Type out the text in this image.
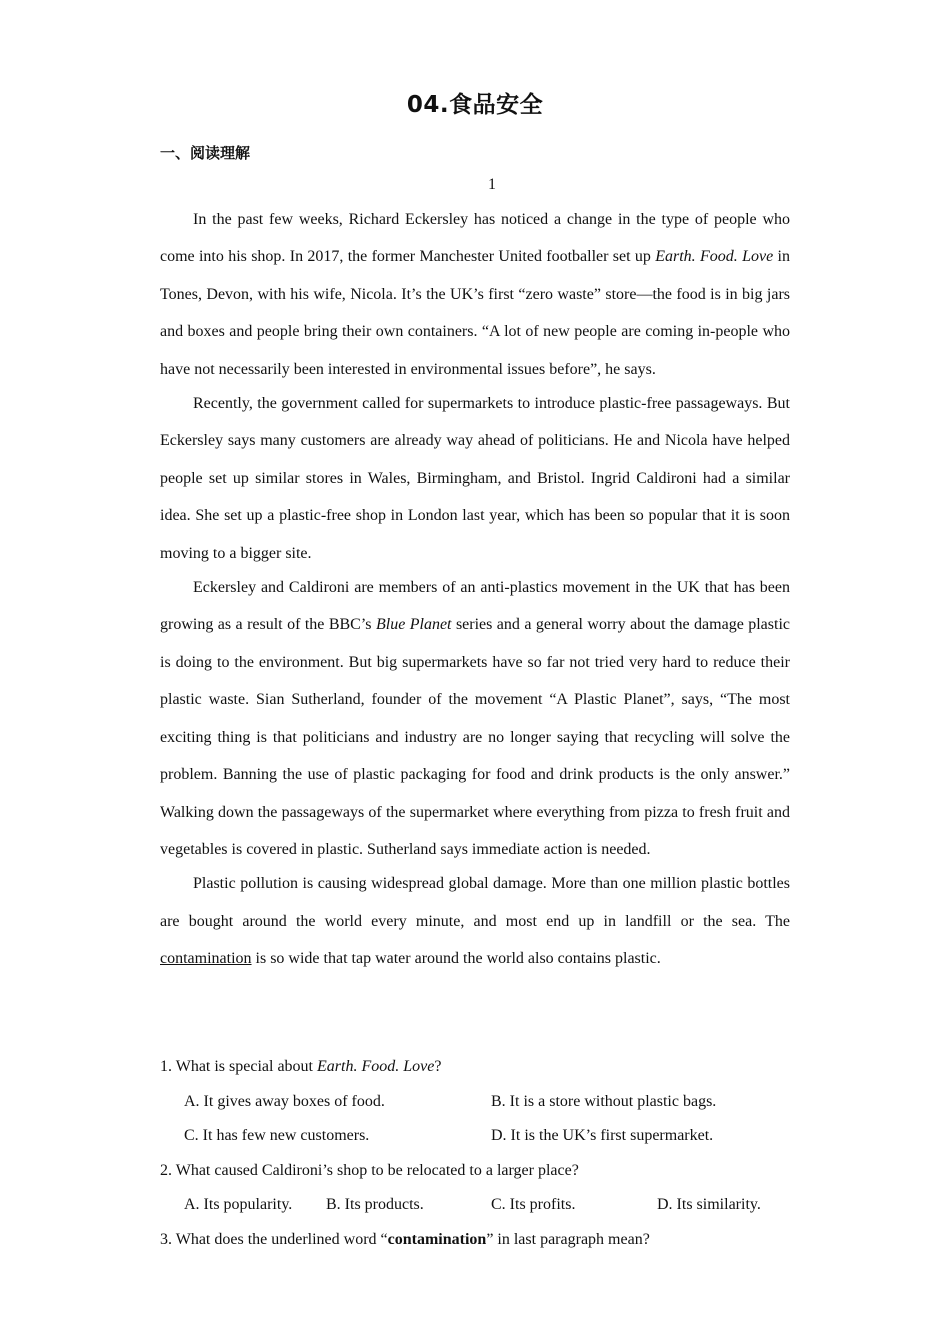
04.食品安全
一、阅读理解
1

In the past few weeks, Richard Eckersley has noticed a change in the type of people who come into his shop. In 2017, the former Manchester United footballer set up Earth. Food. Love in Tones, Devon, with his wife, Nicola. It’s the UK’s first “zero waste” store—the food is in big jars and boxes and people bring their own containers. “A lot of new people are coming in-people who have not necessarily been interested in environmental issues before”, he says.

Recently, the government called for supermarkets to introduce plastic-free passageways. But Eckersley says many customers are already way ahead of politicians. He and Nicola have helped people set up similar stores in Wales, Birmingham, and Bristol. Ingrid Caldironi had a similar idea. She set up a plastic-free shop in London last year, which has been so popular that it is soon moving to a bigger site.

Eckersley and Caldironi are members of an anti-plastics movement in the UK that has been growing as a result of the BBC’s Blue Planet series and a general worry about the damage plastic is doing to the environment. But big supermarkets have so far not tried very hard to reduce their plastic waste. Sian Sutherland, founder of the movement “A Plastic Planet”, says, “The most exciting thing is that politicians and industry are no longer saying that recycling will solve the problem. Banning the use of plastic packaging for food and drink products is the only answer.” Walking down the passageways of the supermarket where everything from pizza to fresh fruit and vegetables is covered in plastic. Sutherland says immediate action is needed.

Plastic pollution is causing widespread global damage. More than one million plastic bottles are bought around the world every minute, and most end up in landfill or the sea. The contamination is so wide that tap water around the world also contains plastic.

1. What is special about Earth. Food. Love?
A. It gives away boxes of food.	B. It is a store without plastic bags.
C. It has few new customers.	D. It is the UK’s first supermarket.
2. What caused Caldironi’s shop to be relocated to a larger place?
A. Its popularity. B. Its products.	C. Its profits.	D. Its similarity.
3. What does the underlined word “contamination” in last paragraph mean?
